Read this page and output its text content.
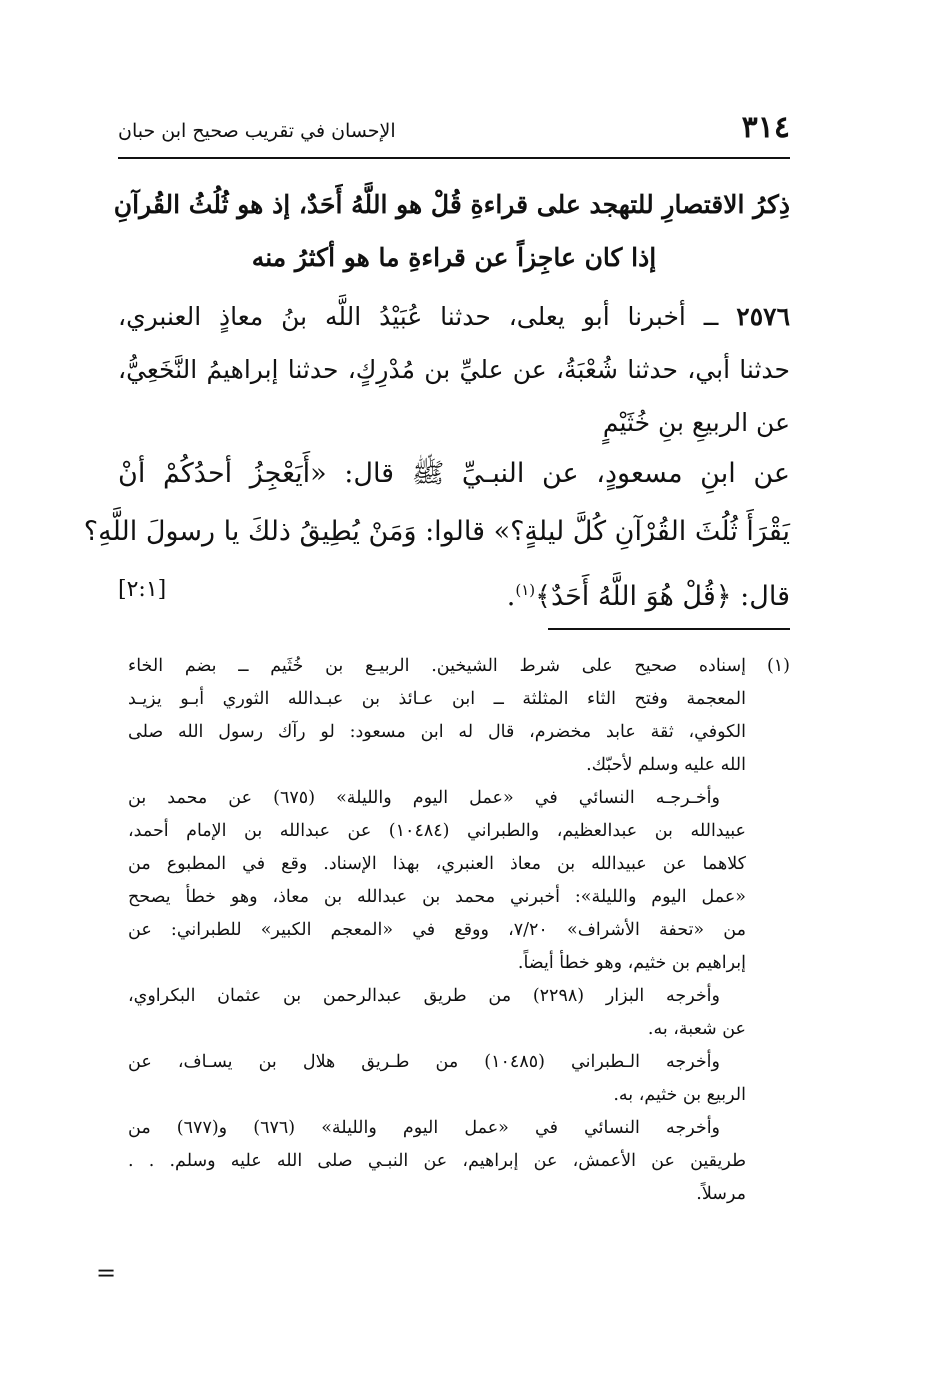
٣١٤
الإحسان في تقريب صحيح ابن حبان
ذِكرُ الاقتصارِ للتهجد على قراءةِ قُلْ هو اللَّهُ أَحَدٌ، إذ هو ثُلُثُ القُرآنِ
إذا كان عاجِزاً عن قراءةِ ما هو أكثرُ منه
٢٥٧٦ ــ أخبرنا أبو يعلى، حدثنا عُبَيْدُ اللَّه بنُ معاذٍ العنبري،
حدثنا أبي، حدثنا شُعْبَةُ، عن عليِّ بن مُدْرِكٍ، حدثنا إبراهيمُ النَّخَعِيُّ،
عن الربيعِ بنِ خُثَيْمٍ
عن ابنِ مسعودٍ، عن النبـيِّ ﷺ قال: «أَيَعْجِزُ أحدُكُمْ أنْ
يَقْرَأَ ثُلُثَ القُرْآنِ كُلَّ ليلةٍ؟» قالوا: وَمَنْ يُطِيقُ ذلكَ يا رسولَ اللَّهِ؟
قال: ﴿قُلْ هُوَ اللَّهُ أَحَدٌ﴾$^{(١)}$.
[٢:١]
(١)إسناده صحيح على شرط الشيخين. الربيـع بن خُثَيم ــ بضم الخاء
المعجمة وفتح الثاء المثلثة ــ ابن عـائذ بن عبـدالله الثوري أبـو يزيـد
الكوفي، ثقة عابد مخضرم، قال له ابن مسعود: لو رآك رسول الله صلى
الله عليه وسلم لأحبّك.
وأخـرجـه النسائي في «عمل اليوم والليلة» (٦٧٥) عن محمد بن
عبيدالله بن عبدالعظيم، والطبراني (١٠٤٨٤) عن عبدالله بن الإمام أحمد،
كلاهما عن عبيدالله بن معاذ العنبري، بهذا الإسناد. وقع في المطبوع من
«عمل اليوم والليلة»: أخبرني محمد بن عبدالله بن معاذ، وهو خطأ يصحح
من «تحفة الأشراف» ٧/٢٠، ووقع في «المعجم الكبير» للطبراني: عن
إبراهيم بن خثيم، وهو خطأ أيضاً.
وأخرجه البزار (٢٢٩٨) من طريق عبدالرحمن بن عثمان البكراوي،
عن شعبة، به.
وأخرجه الـطبراني (١٠٤٨٥) من طـريق هلال بن يسـاف، عن
الربيع بن خثيم، به.
وأخرجه النسائي في «عمل اليوم والليلة» (٦٧٦) و(٦٧٧) من
طريقين عن الأعمش، عن إبراهيم، عن النبـي صلى الله عليه وسلم. . .
مرسلاً.
=
